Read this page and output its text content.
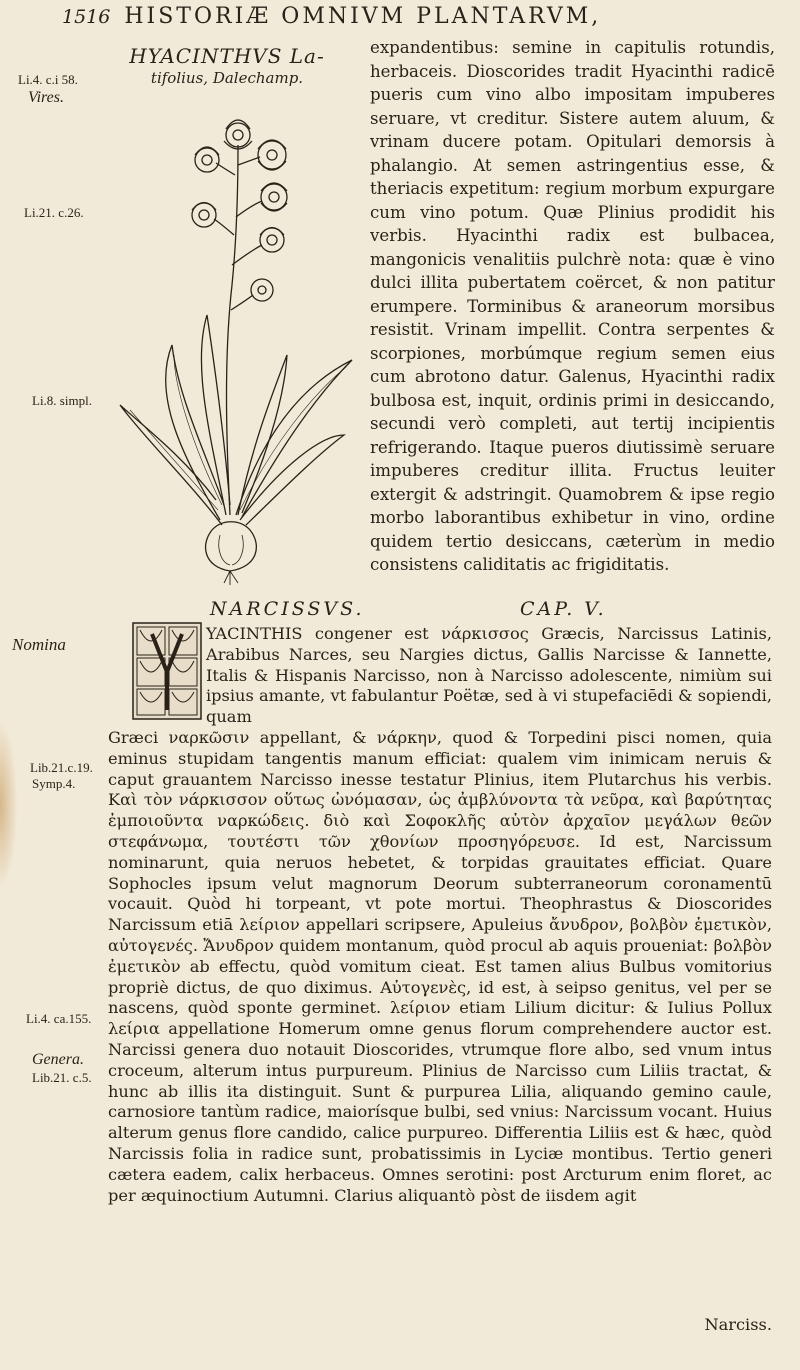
1516 HISTORIÆ OMNIVM PLANTARVM,
Li.4. c.i 58.
Vires.
Li.21. c.26.
Li.8. simpl.
Nomina
Lib.21.c.19.
Symp.4.
Li.4. ca.155.
Genera.
Lib.21. c.5.
HYACINTHVS La-
tifolius, Dalechamp.
expandentibus: semine in capitulis rotundis, herbaceis. Dioscorides tradit Hyacinthi radicē pueris cum vino albo impositam impuberes seruare, vt creditur. Sistere autem aluum, & vrinam ducere potam. Opitulari demorsis à phalangio. At semen astringentius esse, & theriacis expetitum: regium morbum expurgare cum vino potum. Quæ Plinius prodidit his verbis. Hyacinthi radix est bulbacea, mangonicis venalitiis pulchrè nota: quæ è vino dulci illita pubertatem coërcet, & non patitur erumpere. Torminibus & araneorum morsibus resistit. Vrinam impellit. Contra serpentes & scorpiones, morbúmque regium semen eius cum abrotono datur. Galenus, Hyacinthi radix bulbosa est, inquit, ordinis primi in desiccando, secundi verò completi, aut tertij incipientis refrigerando. Itaque pueros diutissimè seruare impuberes creditur illita. Fructus leuiter extergit & adstringit. Quamobrem & ipse regio morbo laborantibus exhibetur in vino, ordine quidem tertio desiccans, cæterùm in medio consistens caliditatis ac frigiditatis.
NARCISSVS.	CAP. V.
YACINTHIS congener est νάρκισσος Græcis, Narcissus Latinis, Arabibus Narces, seu Nargies dictus, Gallis Narcisse & Iannette, Italis & Hispanis Narcisso, non à Narcisso adolescente, nimiùm sui ipsius amante, vt fabulantur Poëtæ, sed à vi stupefaciēdi & sopiendi, quam
Græci ναρκῶσιν appellant, & νάρκην, quod & Torpedini pisci nomen, quia eminus stupidam tangentis manum efficiat: qualem vim inimicam neruis & caput grauantem Narcisso inesse testatur Plinius, item Plutarchus his verbis. Καὶ τὸν νάρκισσον οὕτως ὠνόμασαν, ὡς ἀμβλύνοντα τὰ νεῦρα, καὶ βαρύτητας ἐμποιοῦντα ναρκώδεις. διὸ καὶ Σοφοκλῆς αὐτὸν ἀρχαῖον μεγάλων θεῶν στεφάνωμα, τουτέστι τῶν χθονίων προσηγόρευσε. Id est, Narcissum nominarunt, quia neruos hebetet, & torpidas grauitates efficiat. Quare Sophocles ipsum velut magnorum Deorum subterraneorum coronamentū vocauit. Quòd hi torpeant, vt pote mortui. Theophrastus & Dioscorides Narcissum etiā λείριον appellari scripsere, Apuleius ἄνυδρον, βολβὸν ἐμετικὸν, αὐτογενές. Ἄνυδρον quidem montanum, quòd procul ab aquis proueniat: βολβὸν ἐμετικὸν ab effectu, quòd vomitum cieat. Est tamen alius Bulbus vomitorius propriè dictus, de quo diximus. Αὐτογενὲς, id est, à seipso genitus, vel per se nascens, quòd sponte germinet. λείριον etiam Lilium dicitur: & Iulius Pollux λείρια appellatione Homerum omne genus florum comprehendere auctor est. Narcissi genera duo notauit Dioscorides, vtrumque flore albo, sed vnum intus croceum, alterum intus purpureum. Plinius de Narcisso cum Liliis tractat, & hunc ab illis ita distinguit. Sunt & purpurea Lilia, aliquando gemino caule, carnosiore tantùm radice, maiorísque bulbi, sed vnius: Narcissum vocant. Huius alterum genus flore candido, calice purpureo. Differentia Liliis est & hæc, quòd Narcissis folia in radice sunt, probatissimis in Lyciæ montibus. Tertio generi cætera eadem, calix herbaceus. Omnes serotini: post Arcturum enim floret, ac per æquinoctium Autumni. Clarius aliquantò pòst de iisdem agit
Narciss.
